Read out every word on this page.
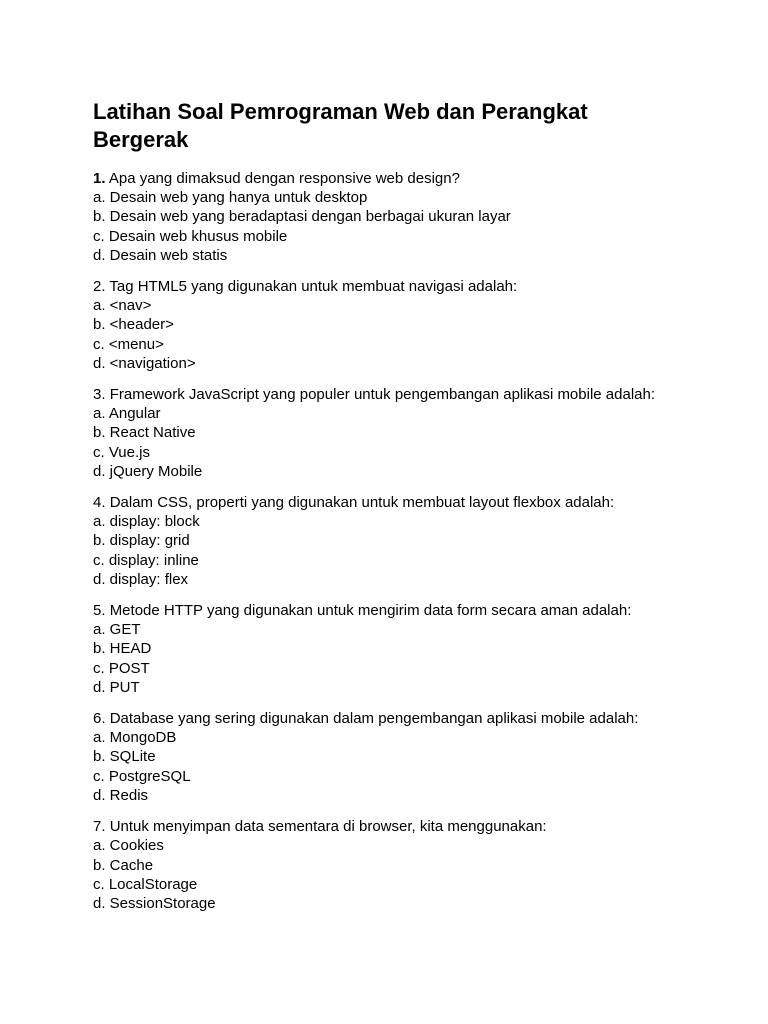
Latihan Soal Pemrograman Web dan Perangkat Bergerak
1. Apa yang dimaksud dengan responsive web design?
a. Desain web yang hanya untuk desktop
b. Desain web yang beradaptasi dengan berbagai ukuran layar
c. Desain web khusus mobile
d. Desain web statis
2. Tag HTML5 yang digunakan untuk membuat navigasi adalah:
a. <nav>
b. <header>
c. <menu>
d. <navigation>
3. Framework JavaScript yang populer untuk pengembangan aplikasi mobile adalah:
a. Angular
b. React Native
c. Vue.js
d. jQuery Mobile
4. Dalam CSS, properti yang digunakan untuk membuat layout flexbox adalah:
a. display: block
b. display: grid
c. display: inline
d. display: flex
5. Metode HTTP yang digunakan untuk mengirim data form secara aman adalah:
a. GET
b. HEAD
c. POST
d. PUT
6. Database yang sering digunakan dalam pengembangan aplikasi mobile adalah:
a. MongoDB
b. SQLite
c. PostgreSQL
d. Redis
7. Untuk menyimpan data sementara di browser, kita menggunakan:
a. Cookies
b. Cache
c. LocalStorage
d. SessionStorage
